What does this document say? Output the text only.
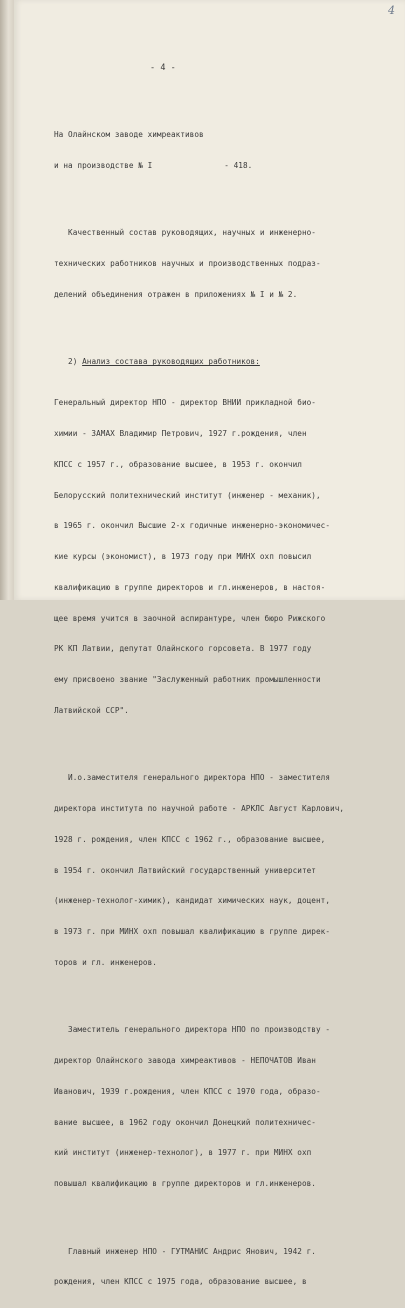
4

- 4 -

На Олайнском заводе химреактивов

и на производстве № I	- 418.

Качественный состав руководящих, научных и инженерно-

технических работников научных и производственных подраз-

делений объединения отражен в приложениях № I и № 2.

2) Анализ состава руководящих работников:

Генеральный директор НПО - директор ВНИИ прикладной био-

химии - ЗАМАХ Владимир Петрович, 1927 г.рождения, член

КПСС с 1957 г., образование высшее, в 1953 г. окончил

Белорусский политехнический институт (инженер - механик),

в 1965 г. окончил Высшие 2-х годичные инженерно-экономичес-

кие курсы (экономист), в 1973 году при МИНХ охп повысил

квалификацию в группе директоров и гл.инженеров, в настоя-

щее время учится в заочной аспирантуре, член бюро Рижского

РК КП Латвии, депутат Олайнского горсовета. В 1977 году

ему присвоено звание "Заслуженный работник промышленности

Латвийской ССР".

И.о.заместителя генерального директора НПО - заместителя

директора института по научной работе - АРКЛС Август Карлович,

1928 г. рождения, член КПСС с 1962 г., образование высшее,

в 1954 г. окончил Латвийский государственный университет

(инженер-технолог-химик), кандидат химических наук, доцент,

в 1973 г. при МИНХ охп повышал квалификацию в группе дирек-

торов и гл. инженеров.

Заместитель генерального директора НПО по производству -

директор Олайнского завода химреактивов - НЕПОЧАТОВ Иван

Иванович, 1939 г.рождения, член КПСС с 1970 года, образо-

вание высшее, в 1962 году окончил Донецкий политехничес-

кий институт (инженер-технолог), в 1977 г. при МИНХ охп

повышал квалификацию в группе директоров и гл.инженеров.

Главный инженер НПО - ГУТМАНИС Андрис Янович, 1942 г.

рождения, член КПСС с 1975 года, образование высшее, в
